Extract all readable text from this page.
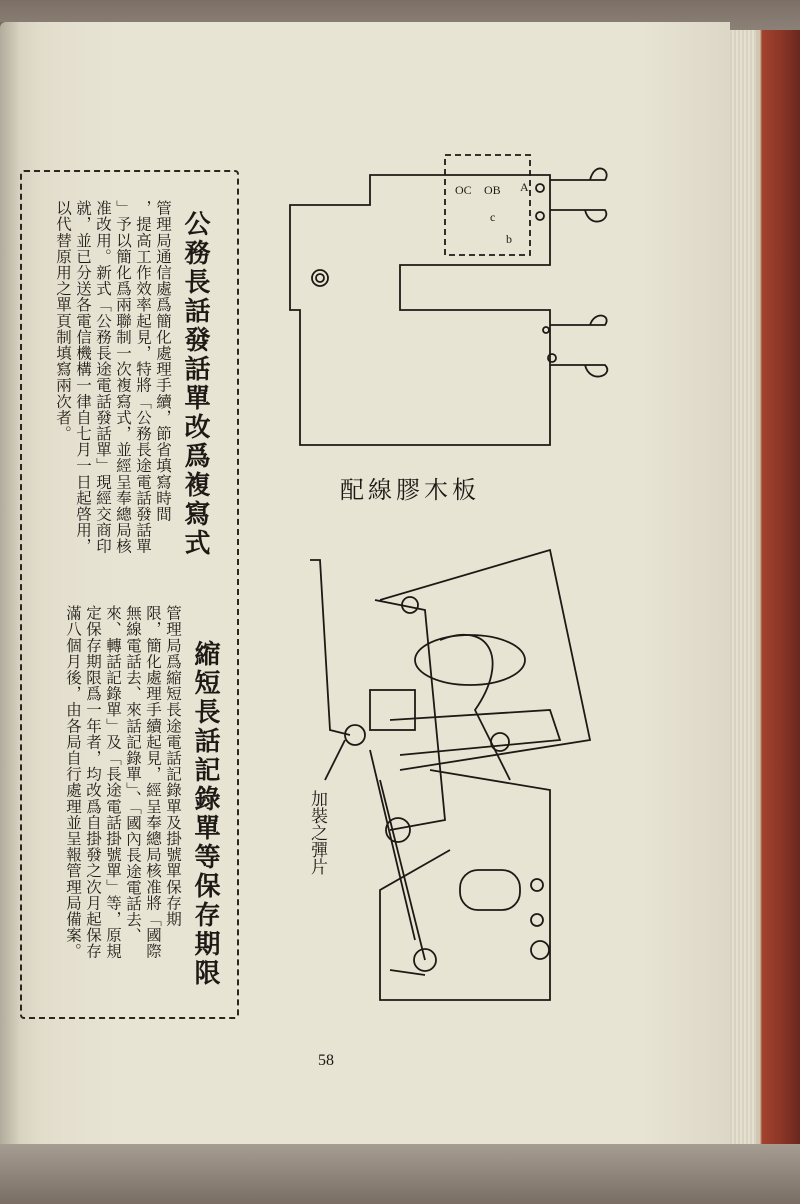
公務長話發話單改爲複寫式
管理局通信處爲簡化處理手續，節省填寫時間
，提高工作效率起見，特將「公務長途電話發話單
」予以簡化爲兩聯制一次複寫式，並經呈奉總局核
准改用。新式「公務長途電話發話單」現經交商印
就，並已分送各電信機構一律自七月一日起啓用，
以代替原用之單頁制填寫兩次者。
縮短長話記錄單等保存期限
管理局爲縮短長途電話記錄單及掛號單保存期
限，簡化處理手續起見，經呈奉總局核准將「國際
無線電話去、來話記錄單」、「國內長途電話去、
來、轉話記錄單」及「長途電話掛號單」等，原規
定保存期限爲一年者，均改爲自掛發之次月起保存
滿八個月後，由各局自行處理並呈報管理局備案。
OC OB A
c
b
配線膠木板
加裝之彈片
58
